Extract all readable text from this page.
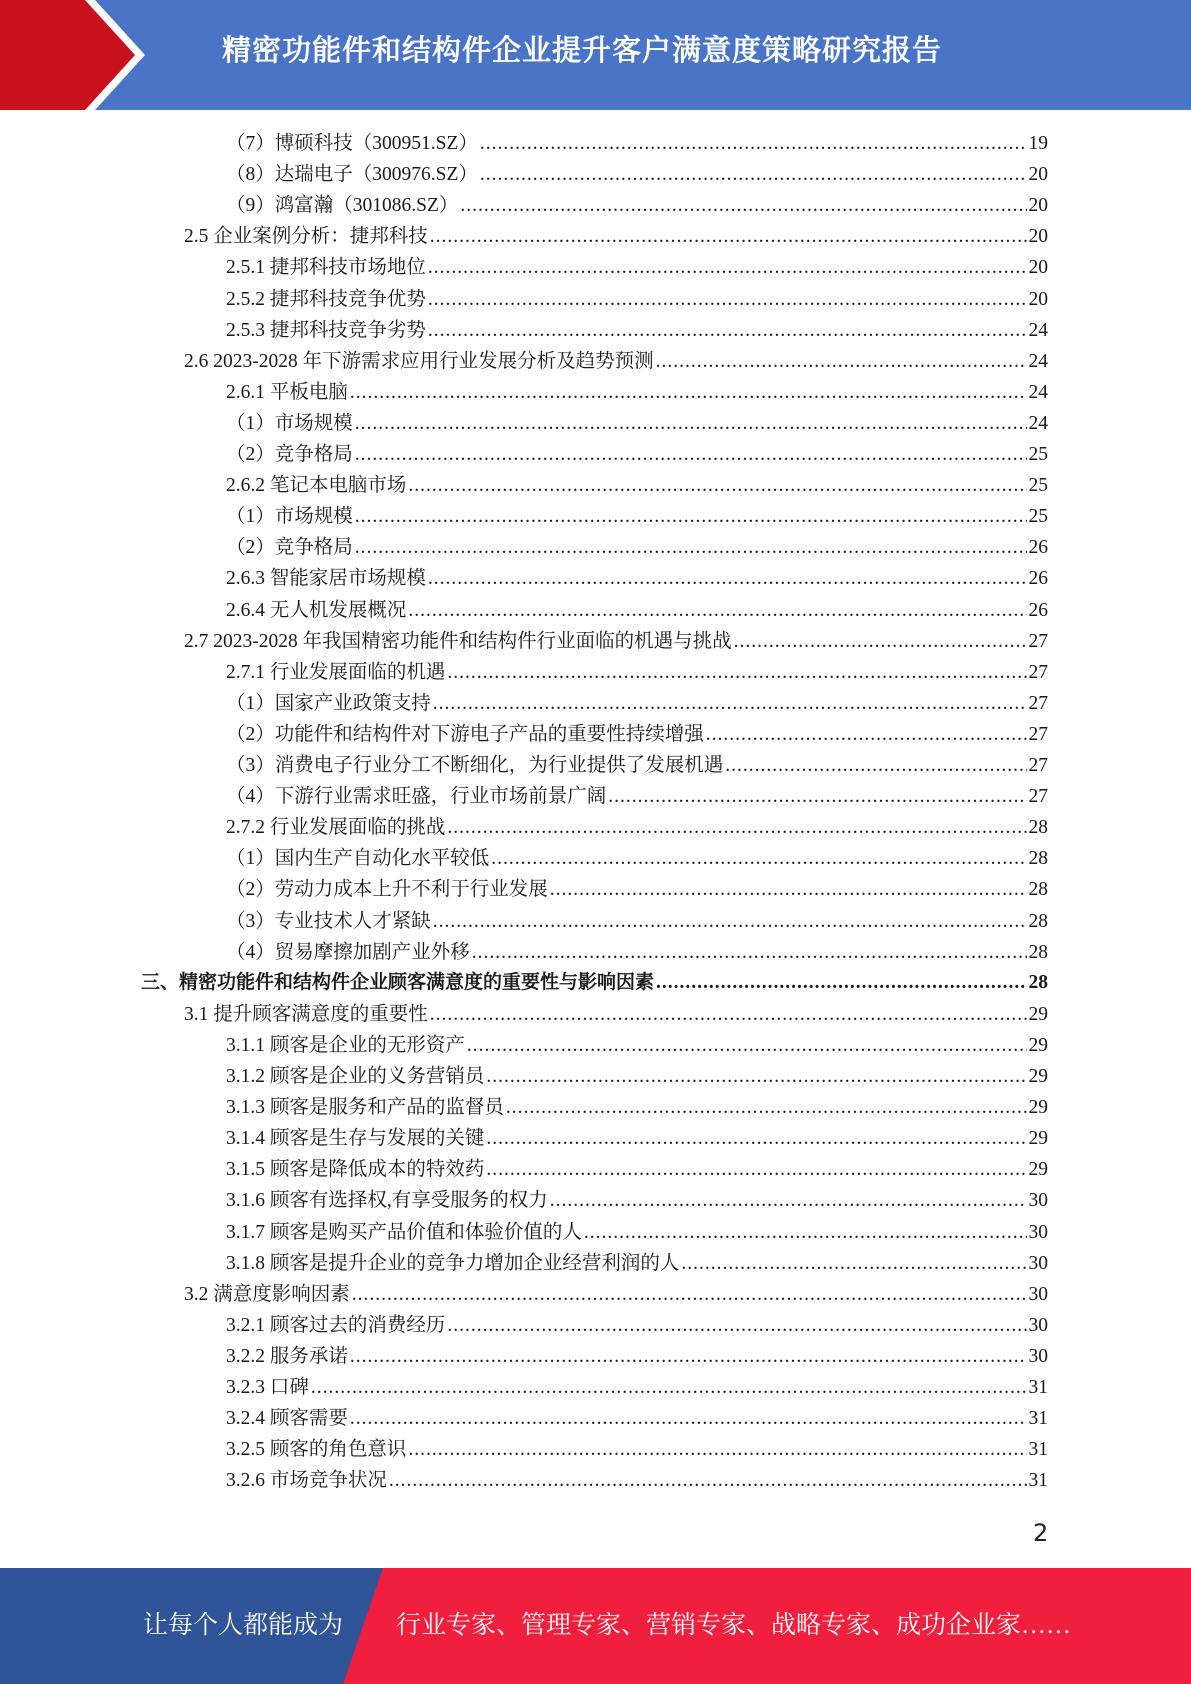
精密功能件和结构件企业提升客户满意度策略研究报告
（7）博硕科技（300951.SZ） .....	19
（8）达瑞电子（300976.SZ） .....	20
（9）鸿富瀚（301086.SZ） .....	20
2.5 企业案例分析：捷邦科技 .....	20
2.5.1 捷邦科技市场地位 .....	20
2.5.2 捷邦科技竞争优势 .....	20
2.5.3 捷邦科技竞争劣势 .....	24
2.6 2023-2028 年下游需求应用行业发展分析及趋势预测 .....	24
2.6.1 平板电脑 .....	24
（1）市场规模 .....	24
（2）竞争格局 .....	25
2.6.2 笔记本电脑市场 .....	25
（1）市场规模 .....	25
（2）竞争格局 .....	26
2.6.3 智能家居市场规模 .....	26
2.6.4 无人机发展概况 .....	26
2.7 2023-2028 年我国精密功能件和结构件行业面临的机遇与挑战 .....	27
2.7.1 行业发展面临的机遇 .....	27
（1）国家产业政策支持 .....	27
（2）功能件和结构件对下游电子产品的重要性持续增强 .....	27
（3）消费电子行业分工不断细化，为行业提供了发展机遇 .....	27
（4）下游行业需求旺盛，行业市场前景广阔 .....	27
2.7.2 行业发展面临的挑战 .....	28
（1）国内生产自动化水平较低 .....	28
（2）劳动力成本上升不利于行业发展 .....	28
（3）专业技术人才紧缺 .....	28
（4）贸易摩擦加剧产业外移 .....	28
三、精密功能件和结构件企业顾客满意度的重要性与影响因素 .....	28
3.1 提升顾客满意度的重要性 .....	29
3.1.1 顾客是企业的无形资产 .....	29
3.1.2 顾客是企业的义务营销员 .....	29
3.1.3 顾客是服务和产品的监督员 .....	29
3.1.4 顾客是生存与发展的关键 .....	29
3.1.5 顾客是降低成本的特效药 .....	29
3.1.6 顾客有选择权,有享受服务的权力 .....	30
3.1.7 顾客是购买产品价值和体验价值的人 .....	30
3.1.8 顾客是提升企业的竞争力增加企业经营利润的人 .....	30
3.2 满意度影响因素 .....	30
3.2.1 顾客过去的消费经历 .....	30
3.2.2 服务承诺 .....	30
3.2.3 口碑 .....	31
3.2.4 顾客需要 .....	31
3.2.5 顾客的角色意识 .....	31
3.2.6 市场竞争状况 .....	31
2
让每个人都能成为 行业专家、管理专家、营销专家、战略专家、成功企业家……
